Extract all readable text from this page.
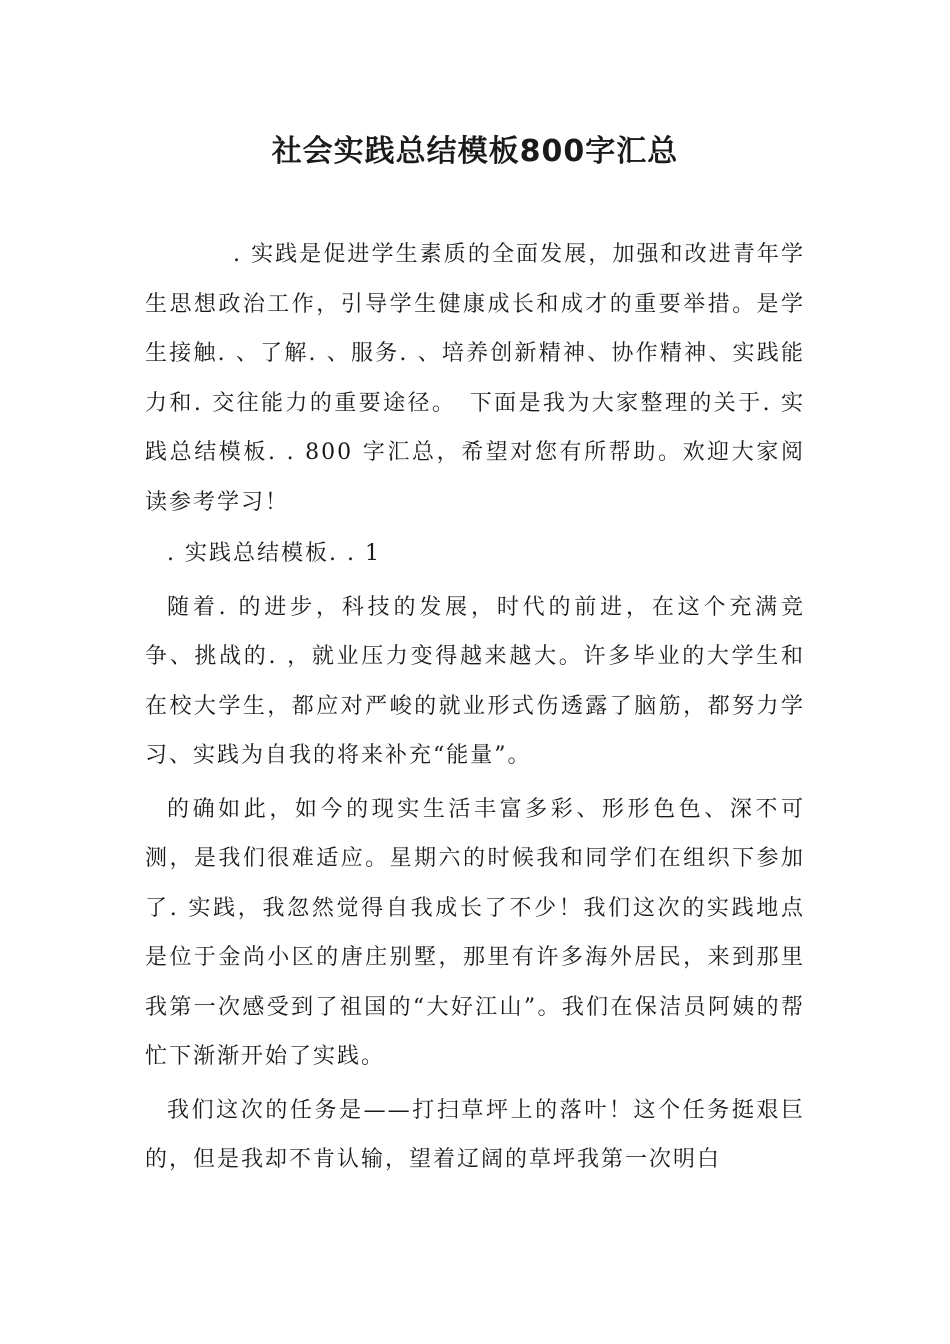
社会实践总结模板800字汇总

. 实践是促进学生素质的全面发展，加强和改进青年学生思想政治工作，引导学生健康成长和成才的重要举措。是学生接触. 、了解. 、服务. 、培养创新精神、协作精神、实践能力和. 交往能力的重要途径。　下面是我为大家整理的关于. 实践总结模板. . 800 字汇总，希望对您有所帮助。欢迎大家阅读参考学习！

. 实践总结模板. . 1

随着. 的进步，科技的发展，时代的前进，在这个充满竞争、挑战的. ，就业压力变得越来越大。许多毕业的大学生和在校大学生，都应对严峻的就业形式伤透露了脑筋，都努力学习、实践为自我的将来补充“能量”。

的确如此，如今的现实生活丰富多彩、形形色色、深不可测，是我们很难适应。星期六的时候我和同学们在组织下参加了. 实践，我忽然觉得自我成长了不少！我们这次的实践地点是位于金尚小区的唐庄别墅，那里有许多海外居民，来到那里我第一次感受到了祖国的“大好江山”。我们在保洁员阿姨的帮忙下渐渐开始了实践。

我们这次的任务是——打扫草坪上的落叶！这个任务挺艰巨的，但是我却不肯认输，望着辽阔的草坪我第一次明白
